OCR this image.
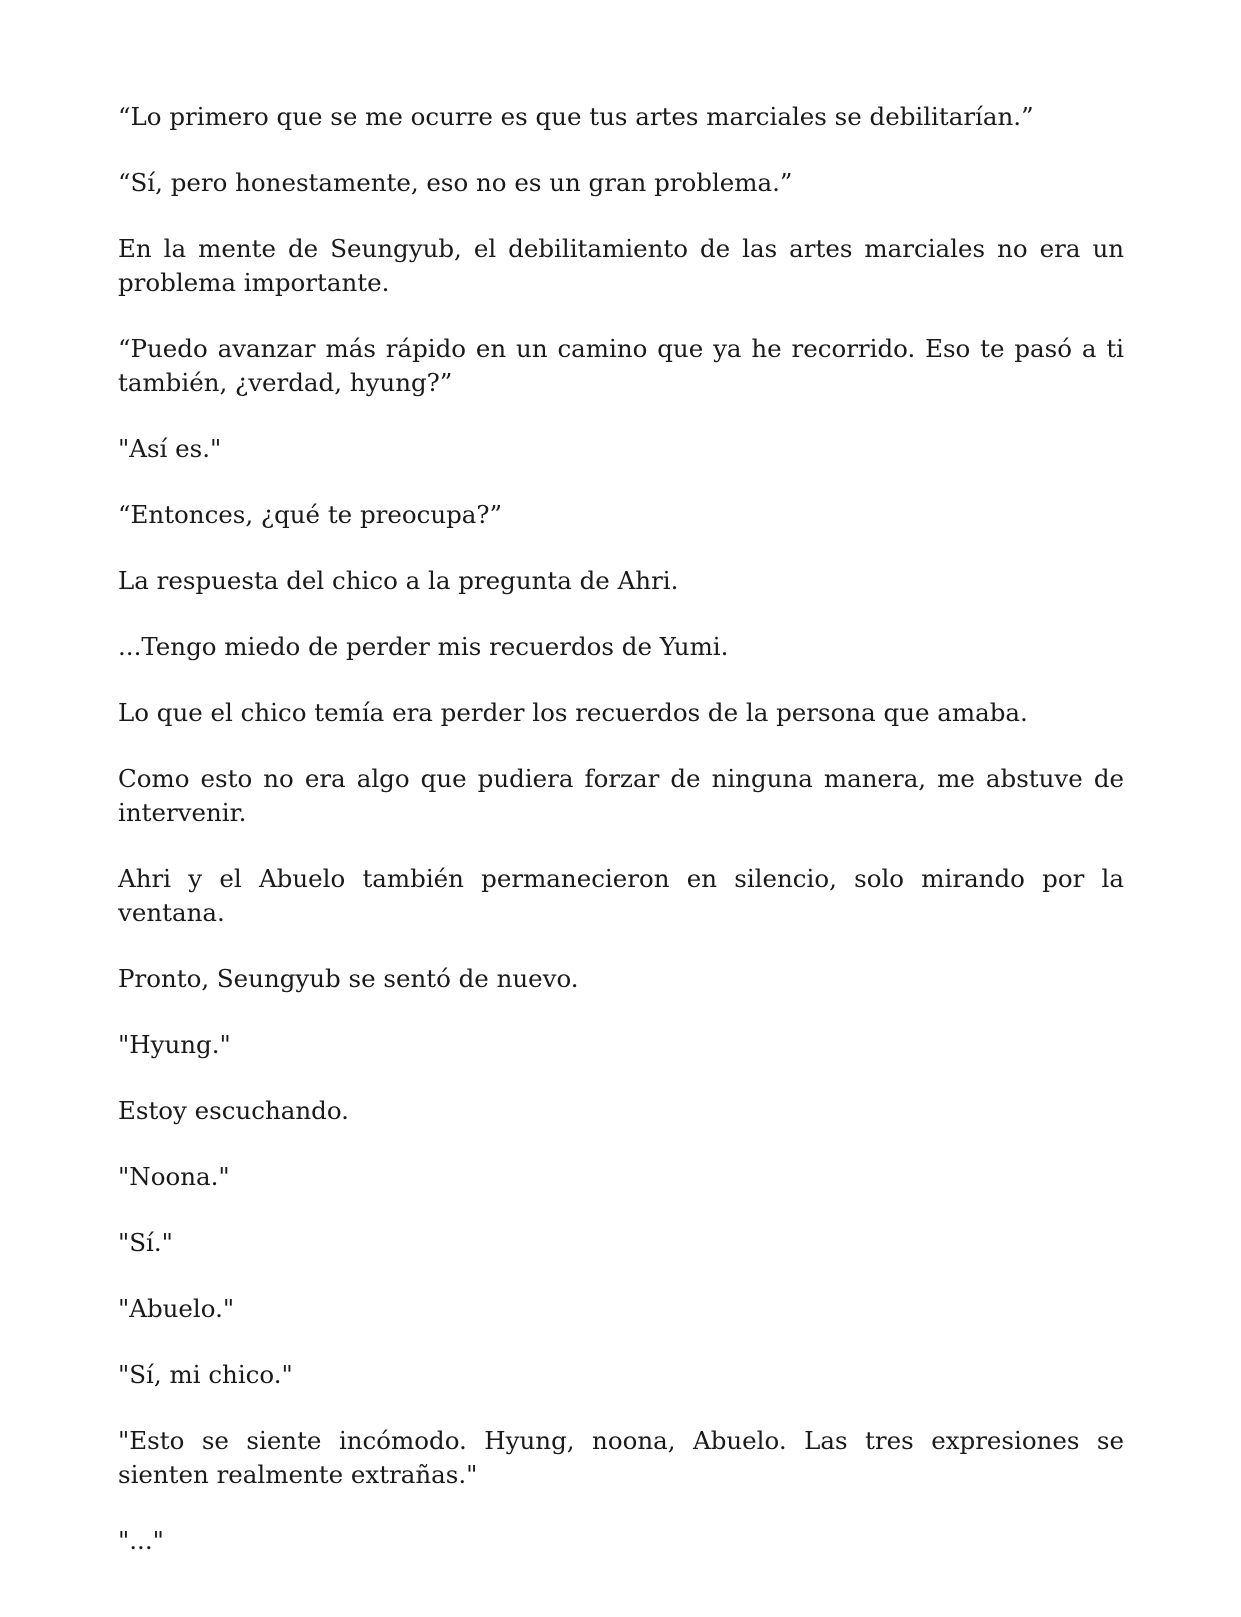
“Lo primero que se me ocurre es que tus artes marciales se debilitarían.”

“Sí, pero honestamente, eso no es un gran problema.”

En la mente de Seungyub, el debilitamiento de las artes marciales no era un problema importante.

“Puedo avanzar más rápido en un camino que ya he recorrido. Eso te pasó a ti también, ¿verdad, hyung?”

"Así es."

“Entonces, ¿qué te preocupa?”

La respuesta del chico a la pregunta de Ahri.

...Tengo miedo de perder mis recuerdos de Yumi.

Lo que el chico temía era perder los recuerdos de la persona que amaba.

Como esto no era algo que pudiera forzar de ninguna manera, me abstuve de intervenir.

Ahri y el Abuelo también permanecieron en silencio, solo mirando por la ventana.

Pronto, Seungyub se sentó de nuevo.

"Hyung."

Estoy escuchando.

"Noona."

"Sí."

"Abuelo."

"Sí, mi chico."

"Esto se siente incómodo. Hyung, noona, Abuelo. Las tres expresiones se sienten realmente extrañas."

"..."
